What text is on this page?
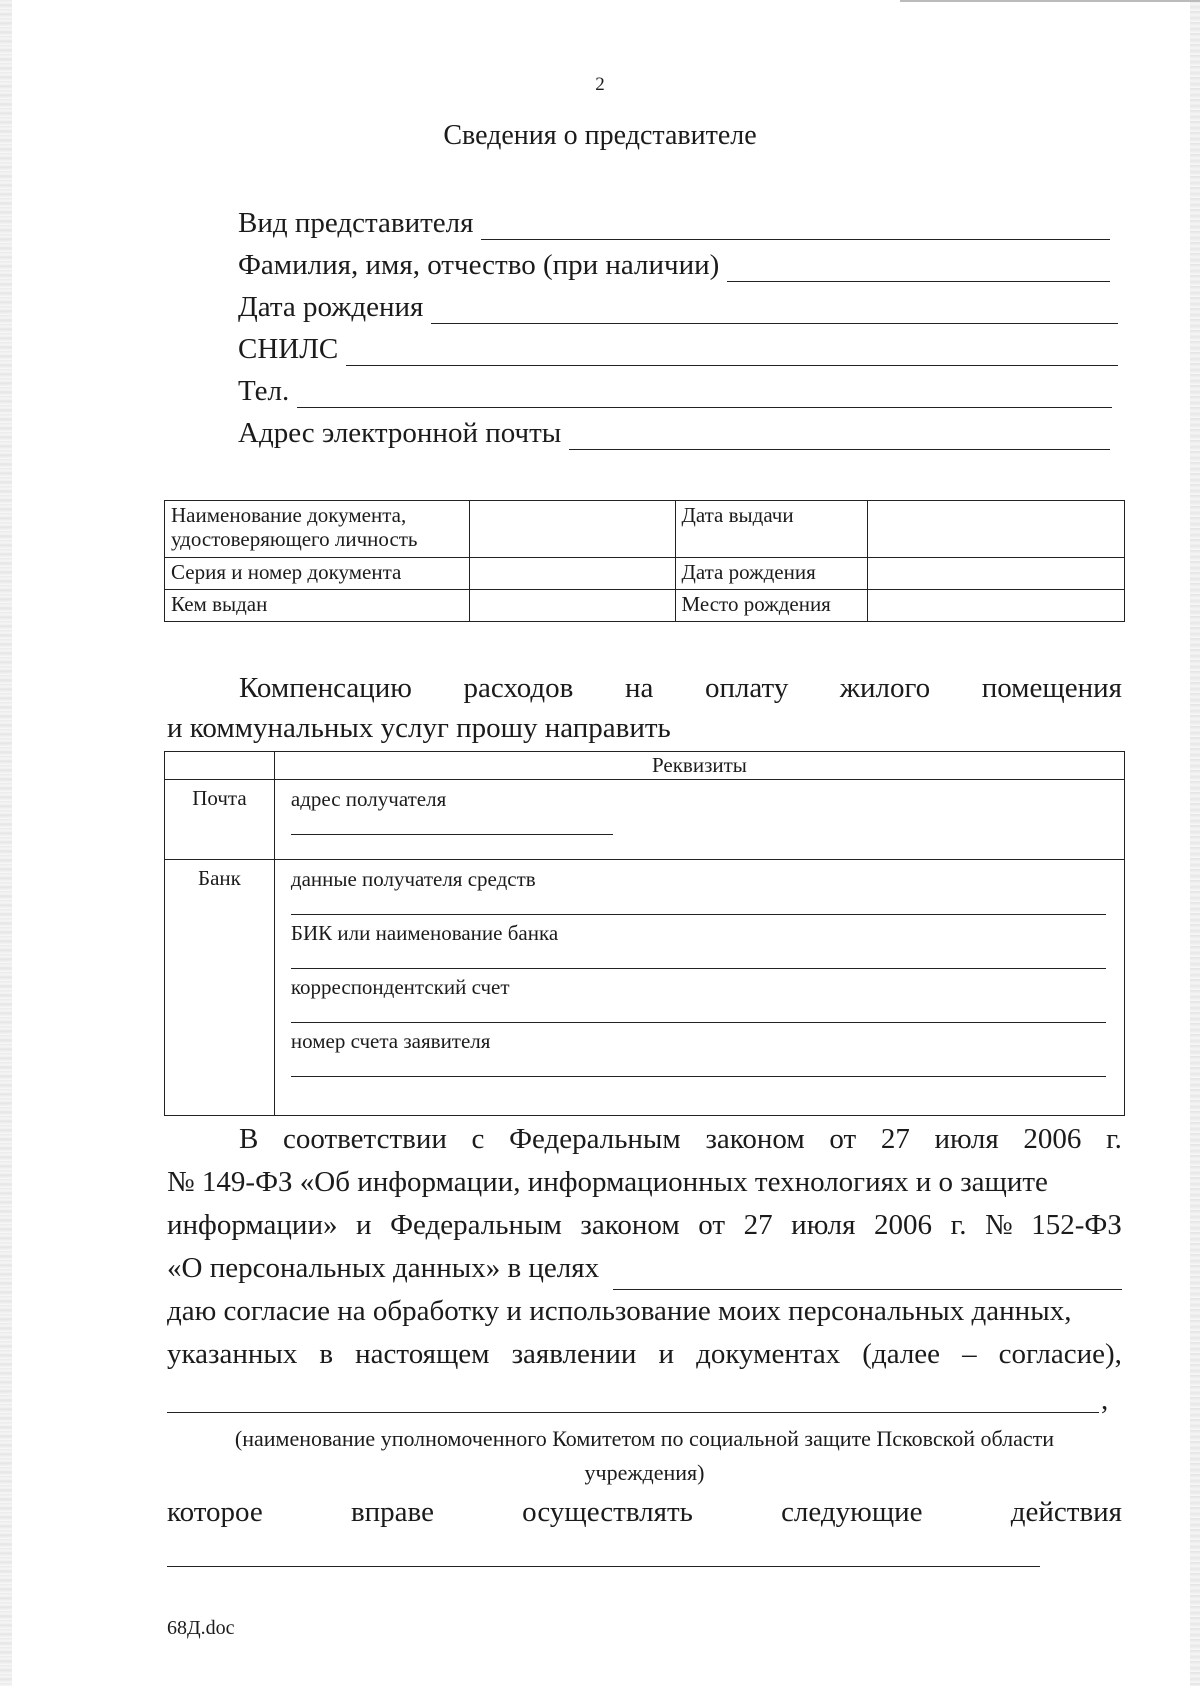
2

Сведения о представителе

Вид представителя
Фамилия, имя, отчество (при наличии)
Дата рождения
СНИЛС
Тел.
Адрес электронной почты
Наименование документа, удостоверяющего личность		Дата выдачи	
Серия и номер документа		Дата рождения	
Кем выдан		Место рождения	
Компенсацию расходов на оплату жилого помещения
и коммунальных услуг прошу направить
	Реквизиты
Почта	адрес получателя

Банк	данные получателя средств
БИК или наименование банка
корреспондентский счет
номер счета заявителя
В соответствии с Федеральным законом от 27 июля 2006 г.
№ 149-ФЗ «Об информации, информационных технологиях и о защите
информации» и Федеральным законом от 27 июля 2006 г. № 152-ФЗ
«О персональных данных» в целях
даю согласие на обработку и использование моих персональных данных,
указанных в настоящем заявлении и документах (далее – согласие),

,

(наименование уполномоченного Комитетом по социальной защите Псковской области
учреждения)
которое	вправе	осуществлять	следующие	действия

68Д.doc
